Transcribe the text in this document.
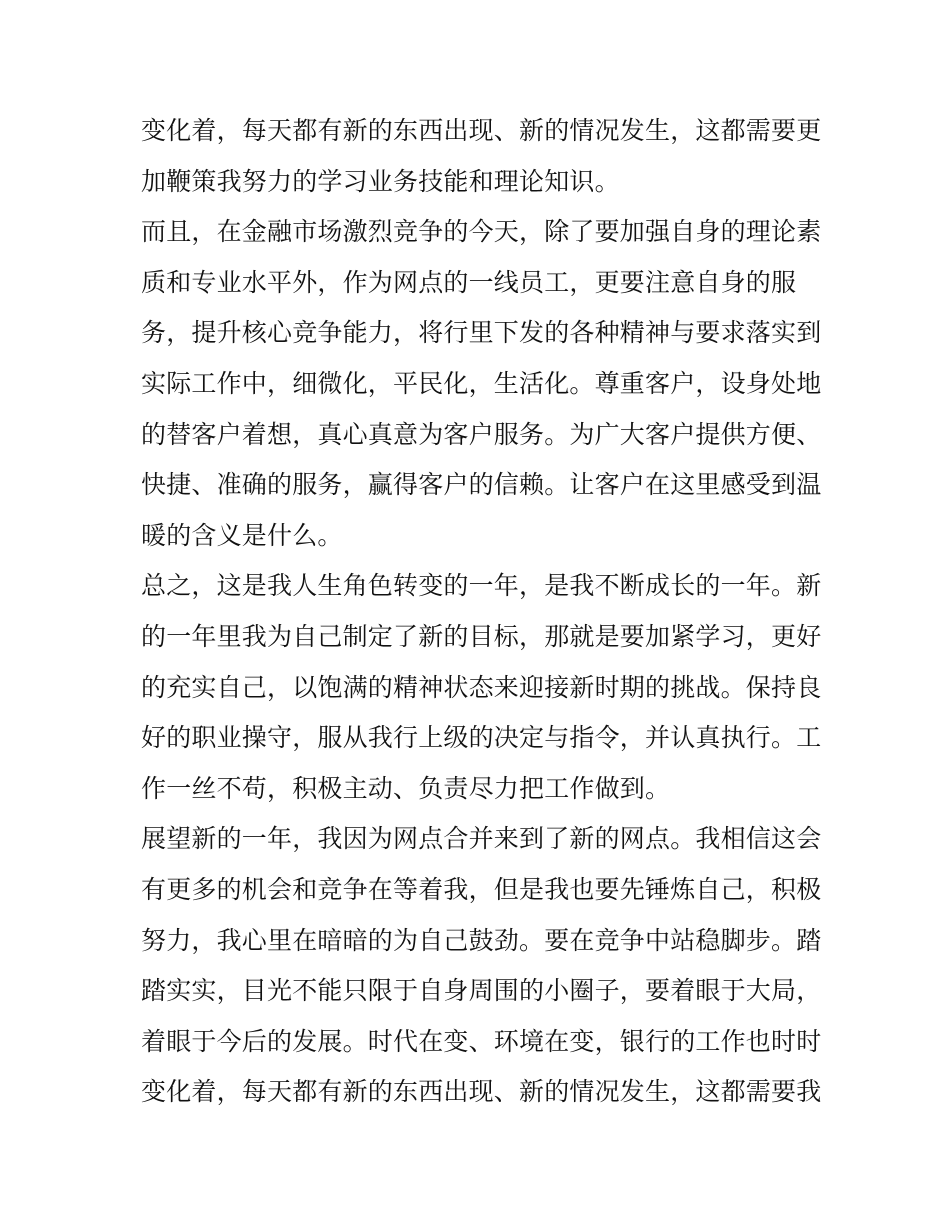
变化着，每天都有新的东西出现、新的情况发生，这都需要更
加鞭策我努力的学习业务技能和理论知识。
而且，在金融市场激烈竞争的今天，除了要加强自身的理论素
质和专业水平外，作为网点的一线员工，更要注意自身的服
务，提升核心竞争能力，将行里下发的各种精神与要求落实到
实际工作中，细微化，平民化，生活化。尊重客户，设身处地
的替客户着想，真心真意为客户服务。为广大客户提供方便、
快捷、准确的服务，赢得客户的信赖。让客户在这里感受到温
暖的含义是什么。
总之，这是我人生角色转变的一年，是我不断成长的一年。新
的一年里我为自己制定了新的目标，那就是要加紧学习，更好
的充实自己，以饱满的精神状态来迎接新时期的挑战。保持良
好的职业操守，服从我行上级的决定与指令，并认真执行。工
作一丝不苟，积极主动、负责尽力把工作做到。
展望新的一年，我因为网点合并来到了新的网点。我相信这会
有更多的机会和竞争在等着我，但是我也要先锤炼自己，积极
努力，我心里在暗暗的为自己鼓劲。要在竞争中站稳脚步。踏
踏实实，目光不能只限于自身周围的小圈子，要着眼于大局，
着眼于今后的发展。时代在变、环境在变，银行的工作也时时
变化着，每天都有新的东西出现、新的情况发生，这都需要我
